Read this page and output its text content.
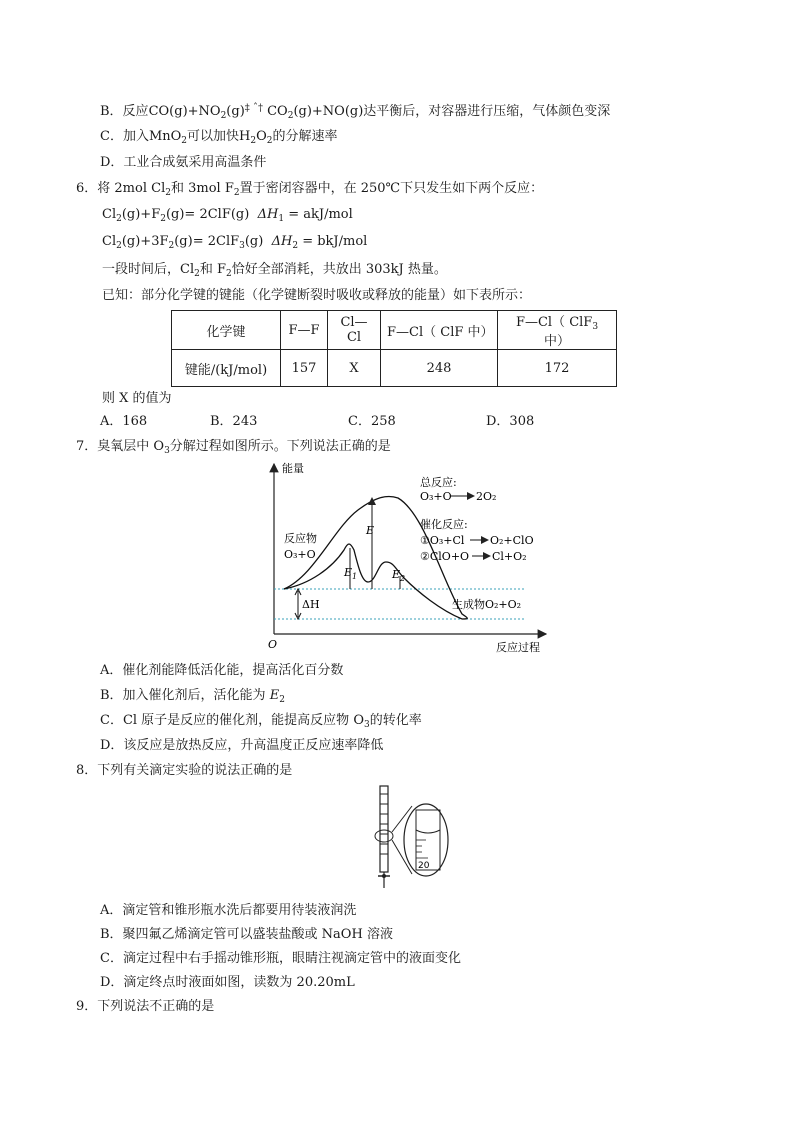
B．反应$CO(g)+NO_2(g)^{\ddagger ˆ\dagger}$ $CO_2(g)+NO(g)$达平衡后，对容器进行压缩，气体颜色变深
C．加入MnO$_2$可以加快$H_2O_2$的分解速率
D．工业合成氨采用高温条件
6．将 2mol $Cl_2$和 3mol $F_2$置于密闭容器中，在 250℃下只发生如下两个反应：
$Cl_2(g)+F_2(g)= 2ClF(g) \Delta H_1 = akJ/mol$
$Cl_2(g)+3F_2(g)= 2ClF_3(g) \Delta H_2 = bkJ/mol$
一段时间后，$Cl_2$和 $F_2$恰好全部消耗，共放出 303kJ 热量。
已知：部分化学键的键能（化学键断裂时吸收或释放的能量）如下表所示：
化学键	F—F	Cl—Cl	F—Cl（ ClF 中）	F—Cl（ ClF$_3$ 中）
键能/(kJ/mol)	157	X	248	172
则 X 的值为
A．168	B．243	C．258	D．308
7．臭氧层中 $O_3$分解过程如图所示。下列说法正确的是
能量
反应过程
O
E
$E_1$	$E_2$
ΔH
反应物
O₃+O
生成物O₂+O₂
总反应:
O₃+O 2O₂
催化反应:
①O₃+Cl O₂+ClO
②ClO+O Cl+O₂
A．催化剂能降低活化能，提高活化百分数
B．加入催化剂后，活化能为 $E_2$
C．Cl 原子是反应的催化剂，能提高反应物 $O_3$的转化率
D．该反应是放热反应，升高温度正反应速率降低
8．下列有关滴定实验的说法正确的是
20
A．滴定管和锥形瓶水洗后都要用待装液润洗
B．聚四氟乙烯滴定管可以盛装盐酸或 NaOH 溶液
C．滴定过程中右手摇动锥形瓶，眼睛注视滴定管中的液面变化
D．滴定终点时液面如图，读数为 20.20mL
9．下列说法不正确的是
